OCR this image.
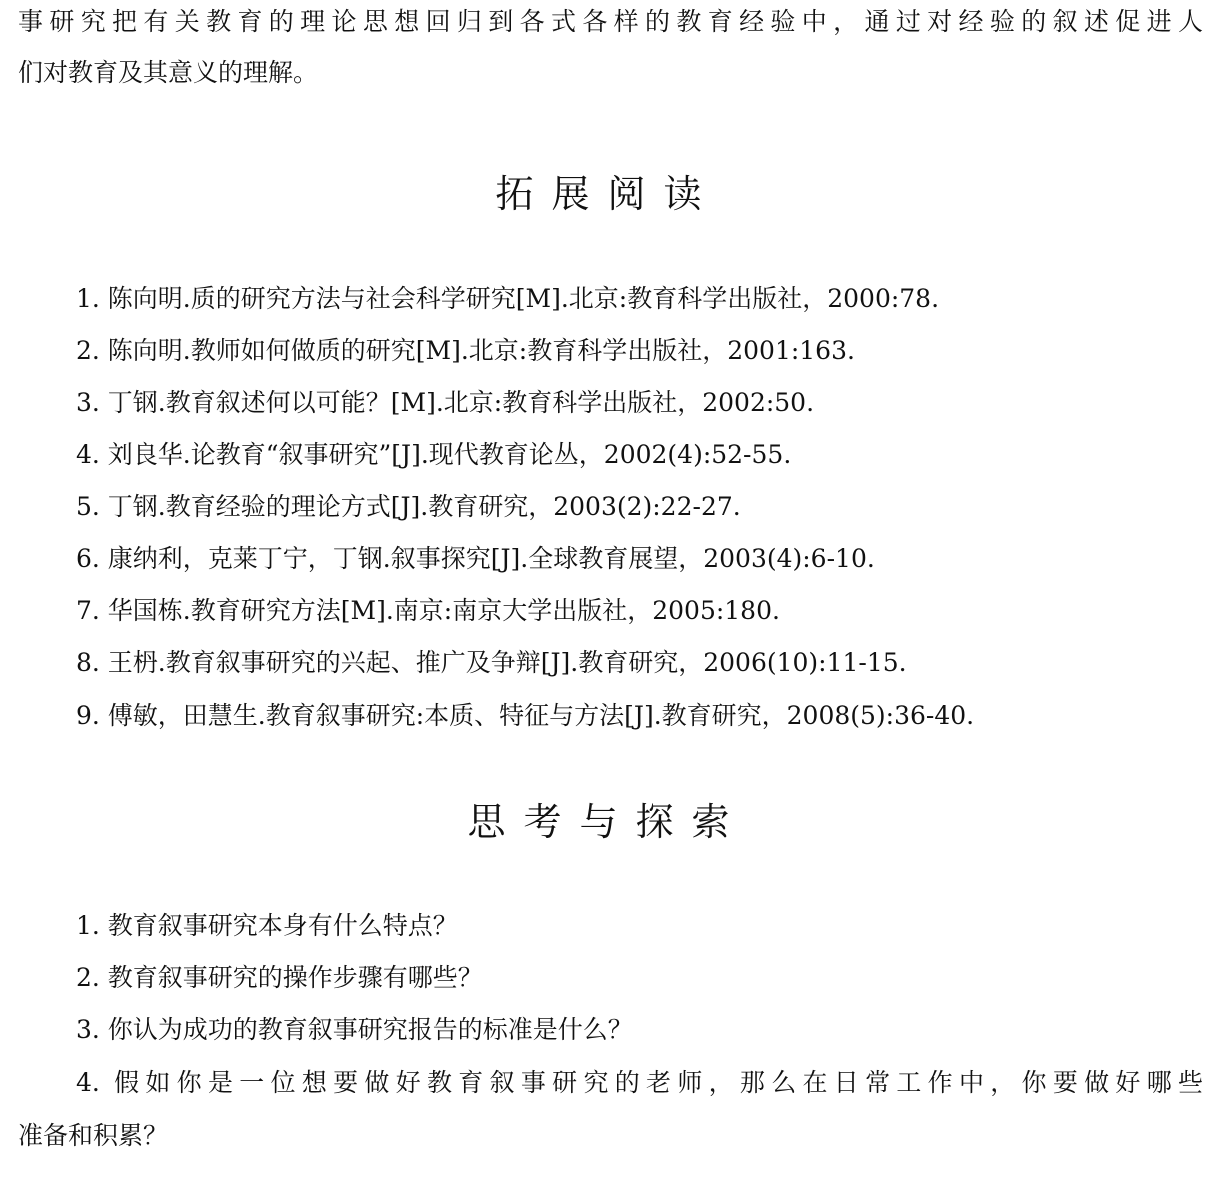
事研究把有关教育的理论思想回归到各式各样的教育经验中，通过对经验的叙述促进人
们对教育及其意义的理解。
拓展阅读
1. 陈向明.质的研究方法与社会科学研究[M].北京:教育科学出版社，2000:78.
2. 陈向明.教师如何做质的研究[M].北京:教育科学出版社，2001:163.
3. 丁钢.教育叙述何以可能？[M].北京:教育科学出版社，2002:50.
4. 刘良华.论教育“叙事研究”[J].现代教育论丛，2002(4):52-55.
5. 丁钢.教育经验的理论方式[J].教育研究，2003(2):22-27.
6. 康纳利，克莱丁宁，丁钢.叙事探究[J].全球教育展望，2003(4):6-10.
7. 华国栋.教育研究方法[M].南京:南京大学出版社，2005:180.
8. 王枬.教育叙事研究的兴起、推广及争辩[J].教育研究，2006(10):11-15.
9. 傅敏，田慧生.教育叙事研究:本质、特征与方法[J].教育研究，2008(5):36-40.
思考与探索
1. 教育叙事研究本身有什么特点？
2. 教育叙事研究的操作步骤有哪些？
3. 你认为成功的教育叙事研究报告的标准是什么？
4. 假如你是一位想要做好教育叙事研究的老师，那么在日常工作中，你要做好哪些
准备和积累？
